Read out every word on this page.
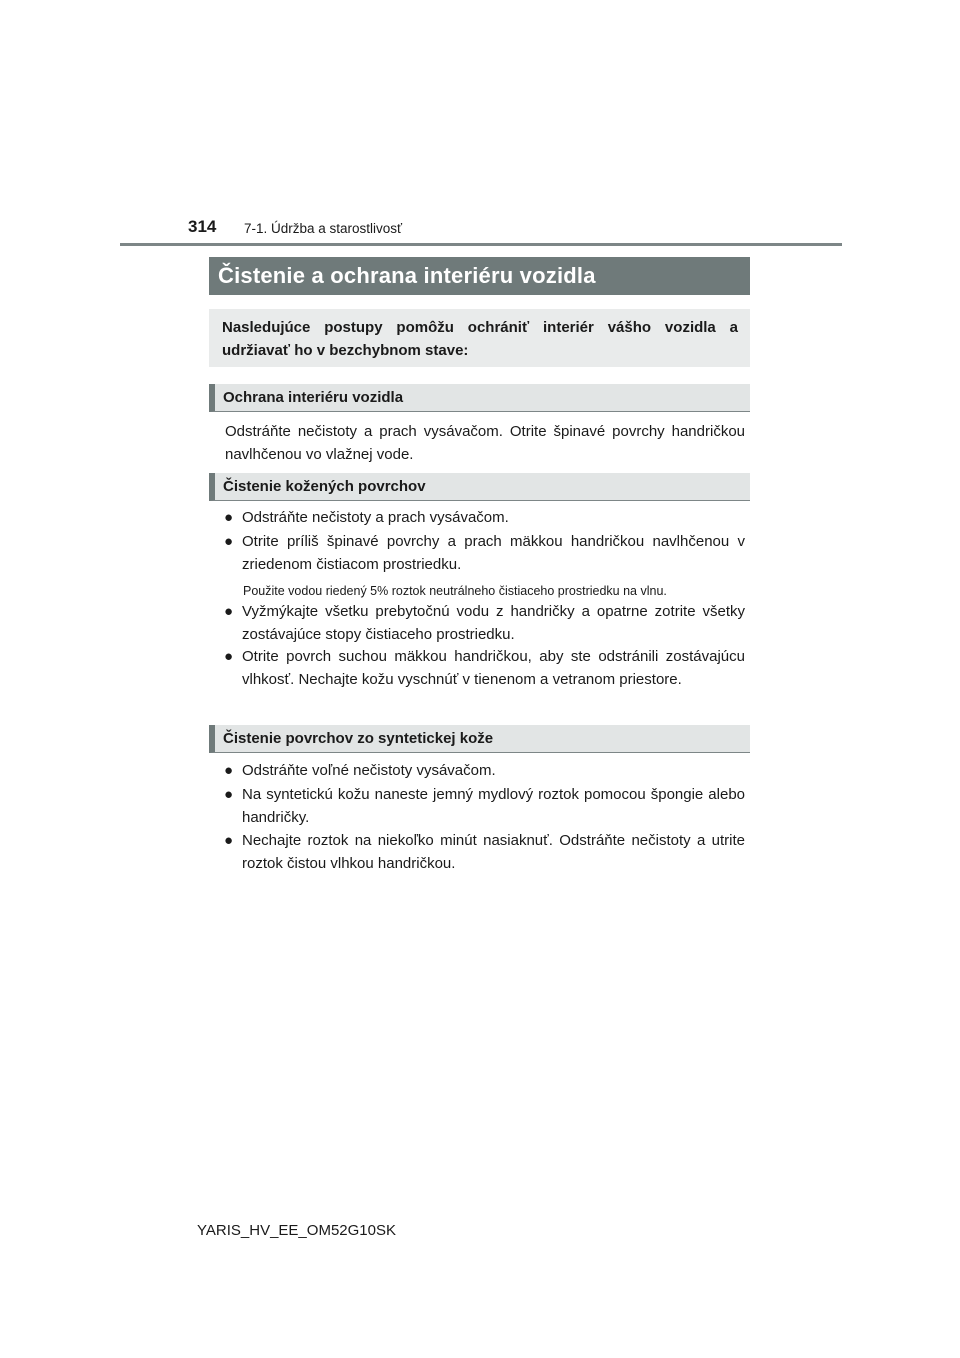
314 7-1. Údržba a starostlivosť
Čistenie a ochrana interiéru vozidla
Nasledujúce postupy pomôžu ochrániť interiér vášho vozidla a udržiavať ho v bezchybnom stave:
Ochrana interiéru vozidla

Odstráňte nečistoty a prach vysávačom. Otrite špinavé povrchy handričkou navlhčenou vo vlažnej vode.

Čistenie kožených povrchov
● Odstráňte nečistoty a prach vysávačom.
● Otrite príliš špinavé povrchy a prach mäkkou handričkou navlhčenou v zriedenom čistiacom prostriedku.
Použite vodou riedený 5% roztok neutrálneho čistiaceho prostriedku na vlnu.
● Vyžmýkajte všetku prebytočnú vodu z handričky a opatrne zotrite všetky zostávajúce stopy čistiaceho prostriedku.
● Otrite povrch suchou mäkkou handričkou, aby ste odstránili zostávajúcu vlhkosť. Nechajte kožu vyschnúť v tienenom a vetranom priestore.
Čistenie povrchov zo syntetickej kože
● Odstráňte voľné nečistoty vysávačom.
● Na syntetickú kožu naneste jemný mydlový roztok pomocou špongie alebo handričky.
● Nechajte roztok na niekoľko minút nasiaknuť. Odstráňte nečistoty a utrite roztok čistou vlhkou handričkou.
YARIS_HV_EE_OM52G10SK
